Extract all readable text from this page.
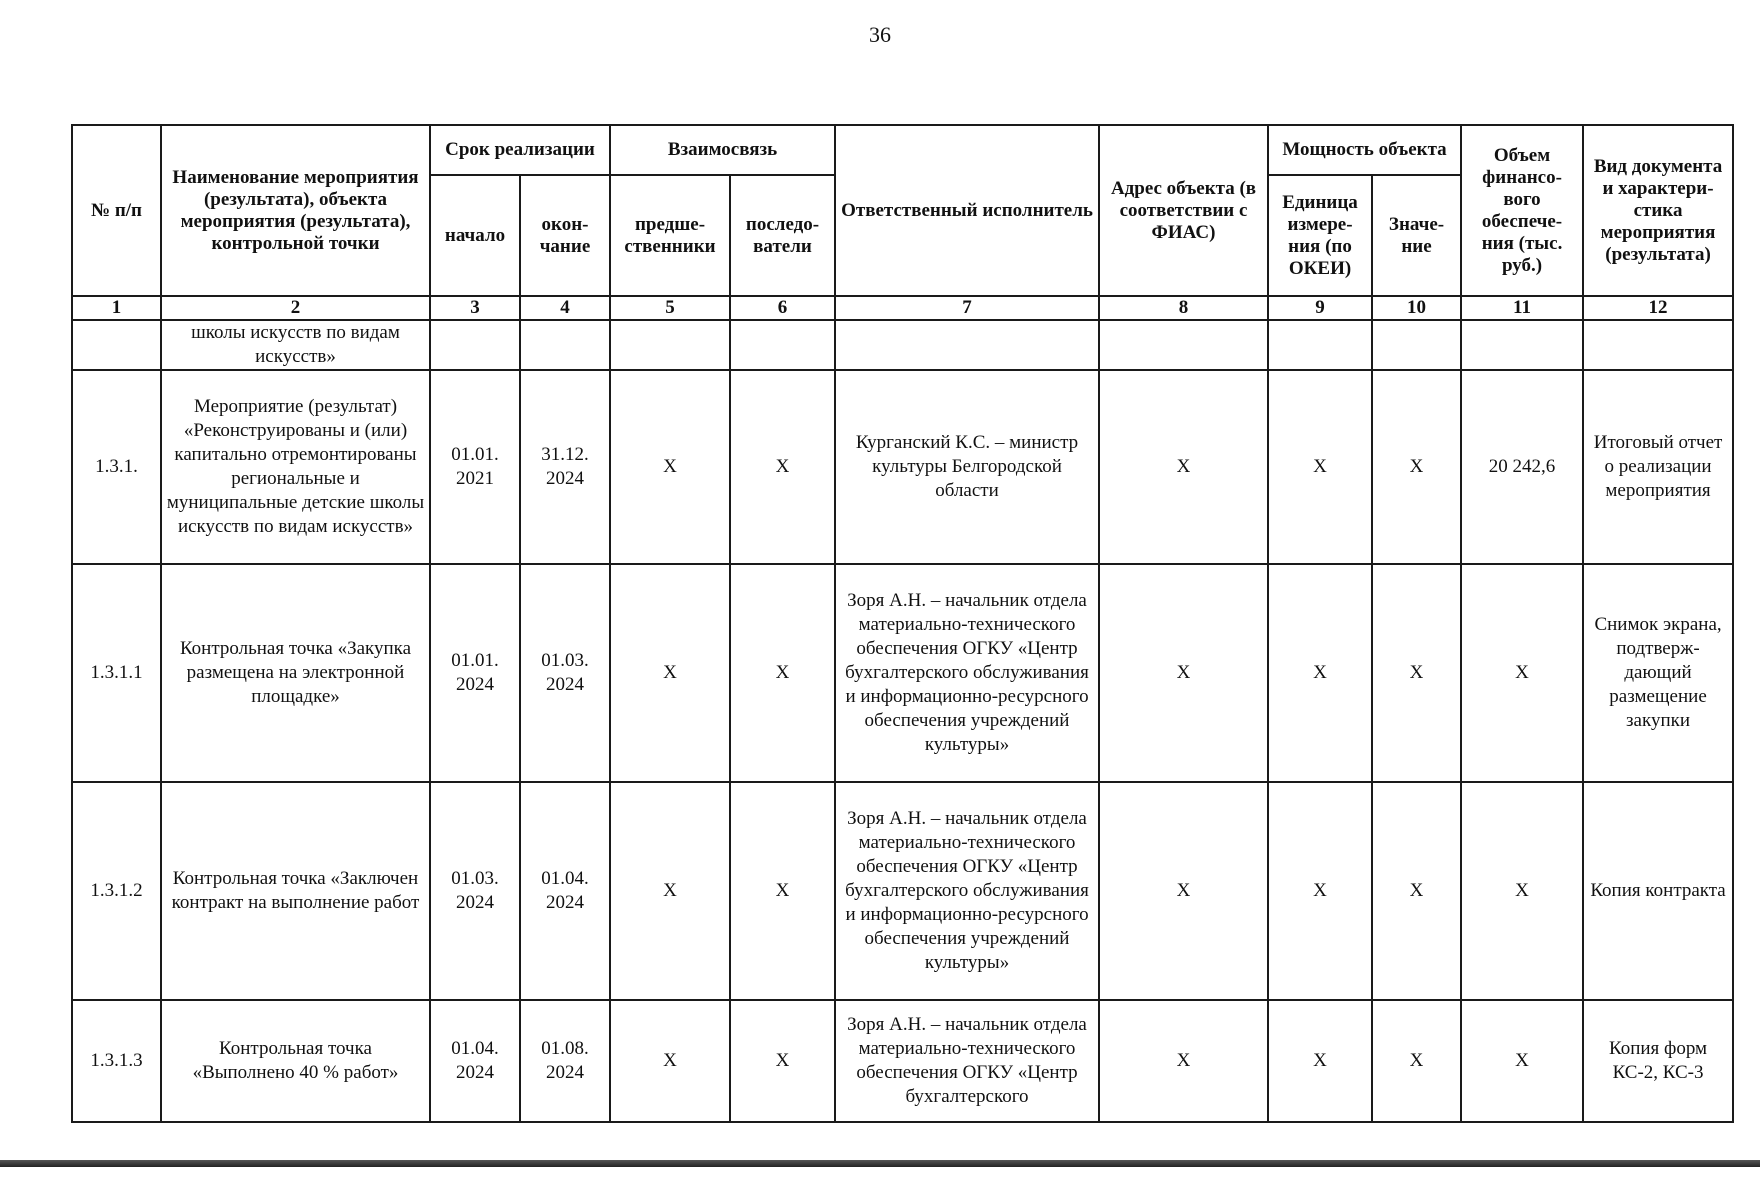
36
№ п/п	Наименование мероприятия (результата), объекта мероприятия (результата), контрольной точки	Срок реализации		Взаимосвязь		Ответственный исполнитель	Адрес объекта (в соответствии с ФИАС)	Мощность объекта		Объем финансо-вого обеспече-ния (тыс. руб.)	Вид документа и характери-стика мероприятия (результата)
		начало	окон-чание	предше-ственники	последо-ватели			Единица измере-ния (по ОКЕИ)	Значе-ние		
1	2	3	4	5	6	7	8	9	10	11	12
	школы искусств по видам искусств»										
1.3.1.	Мероприятие (результат) «Реконструированы и (или) капитально отремонтированы региональные и муниципальные детские школы искусств по видам искусств»	01.01. 2021	31.12. 2024	X	X	Курганский К.С. – министр культуры Белгородской области	X	X	X	20 242,6	Итоговый отчет о реализации мероприятия
1.3.1.1	Контрольная точка «Закупка размещена на электронной площадке»	01.01. 2024	01.03. 2024	X	X	Зоря А.Н. – начальник отдела материально-технического обеспечения ОГКУ «Центр бухгалтерского обслуживания и информационно-ресурсного обеспечения учреждений культуры»	X	X	X	X	Снимок экрана, подтверж-дающий размещение закупки
1.3.1.2	Контрольная точка «Заключен контракт на выполнение работ	01.03. 2024	01.04. 2024	X	X	Зоря А.Н. – начальник отдела материально-технического обеспечения ОГКУ «Центр бухгалтерского обслуживания и информационно-ресурсного обеспечения учреждений культуры»	X	X	X	X	Копия контракта
1.3.1.3	Контрольная точка «Выполнено 40 % работ»	01.04. 2024	01.08. 2024	X	X	Зоря А.Н. – начальник отдела материально-технического обеспечения ОГКУ «Центр бухгалтерского	X	X	X	X	Копия форм КС-2, КС-3
